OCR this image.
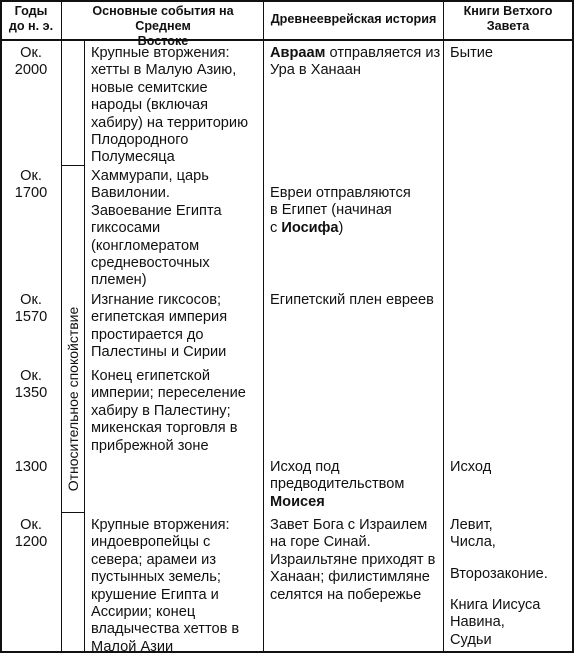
Годы
до н. э.
Основные события на Среднем
Востоке
Древнееврейская история
Книги Ветхого
Завета
Относительное спокойствие
Ок.
2000
Крупные вторжения:
хетты в Малую Азию,
новые семитские
народы (включая
хабиру) на территорию
Плодородного
Полумесяца
Авраам отправляется из
Ура в Ханаан
Бытие
Ок.
1700
Хаммурапи, царь
Вавилонии.
Завоевание Египта
гиксосами
(конгломератом
средневосточных
племен)
Евреи отправляются
в Египет (начиная
с Иосифа)
Ок.
1570
Изгнание гиксосов;
египетская империя
простирается до
Палестины и Сирии
Египетский плен евреев
Ок.
1350
Конец египетской
империи; переселение
хабиру в Палестину;
микенская торговля в
прибрежной зоне
1300	Исход под
предводительством
Моисея
Исход
Ок.
1200
Крупные вторжения:
индоевропейцы с
севера; арамеи из
пустынных земель;
крушение Египта и
Ассирии; конец
владычества хеттов в
Малой Азии
Завет Бога с Израилем
на горе Синай.
Израильтяне приходят в
Ханаан; филистимляне
селятся на побережье
Левит,
Числа,
Второзаконие.
Книга Иисуса
Навина,
Судьи
